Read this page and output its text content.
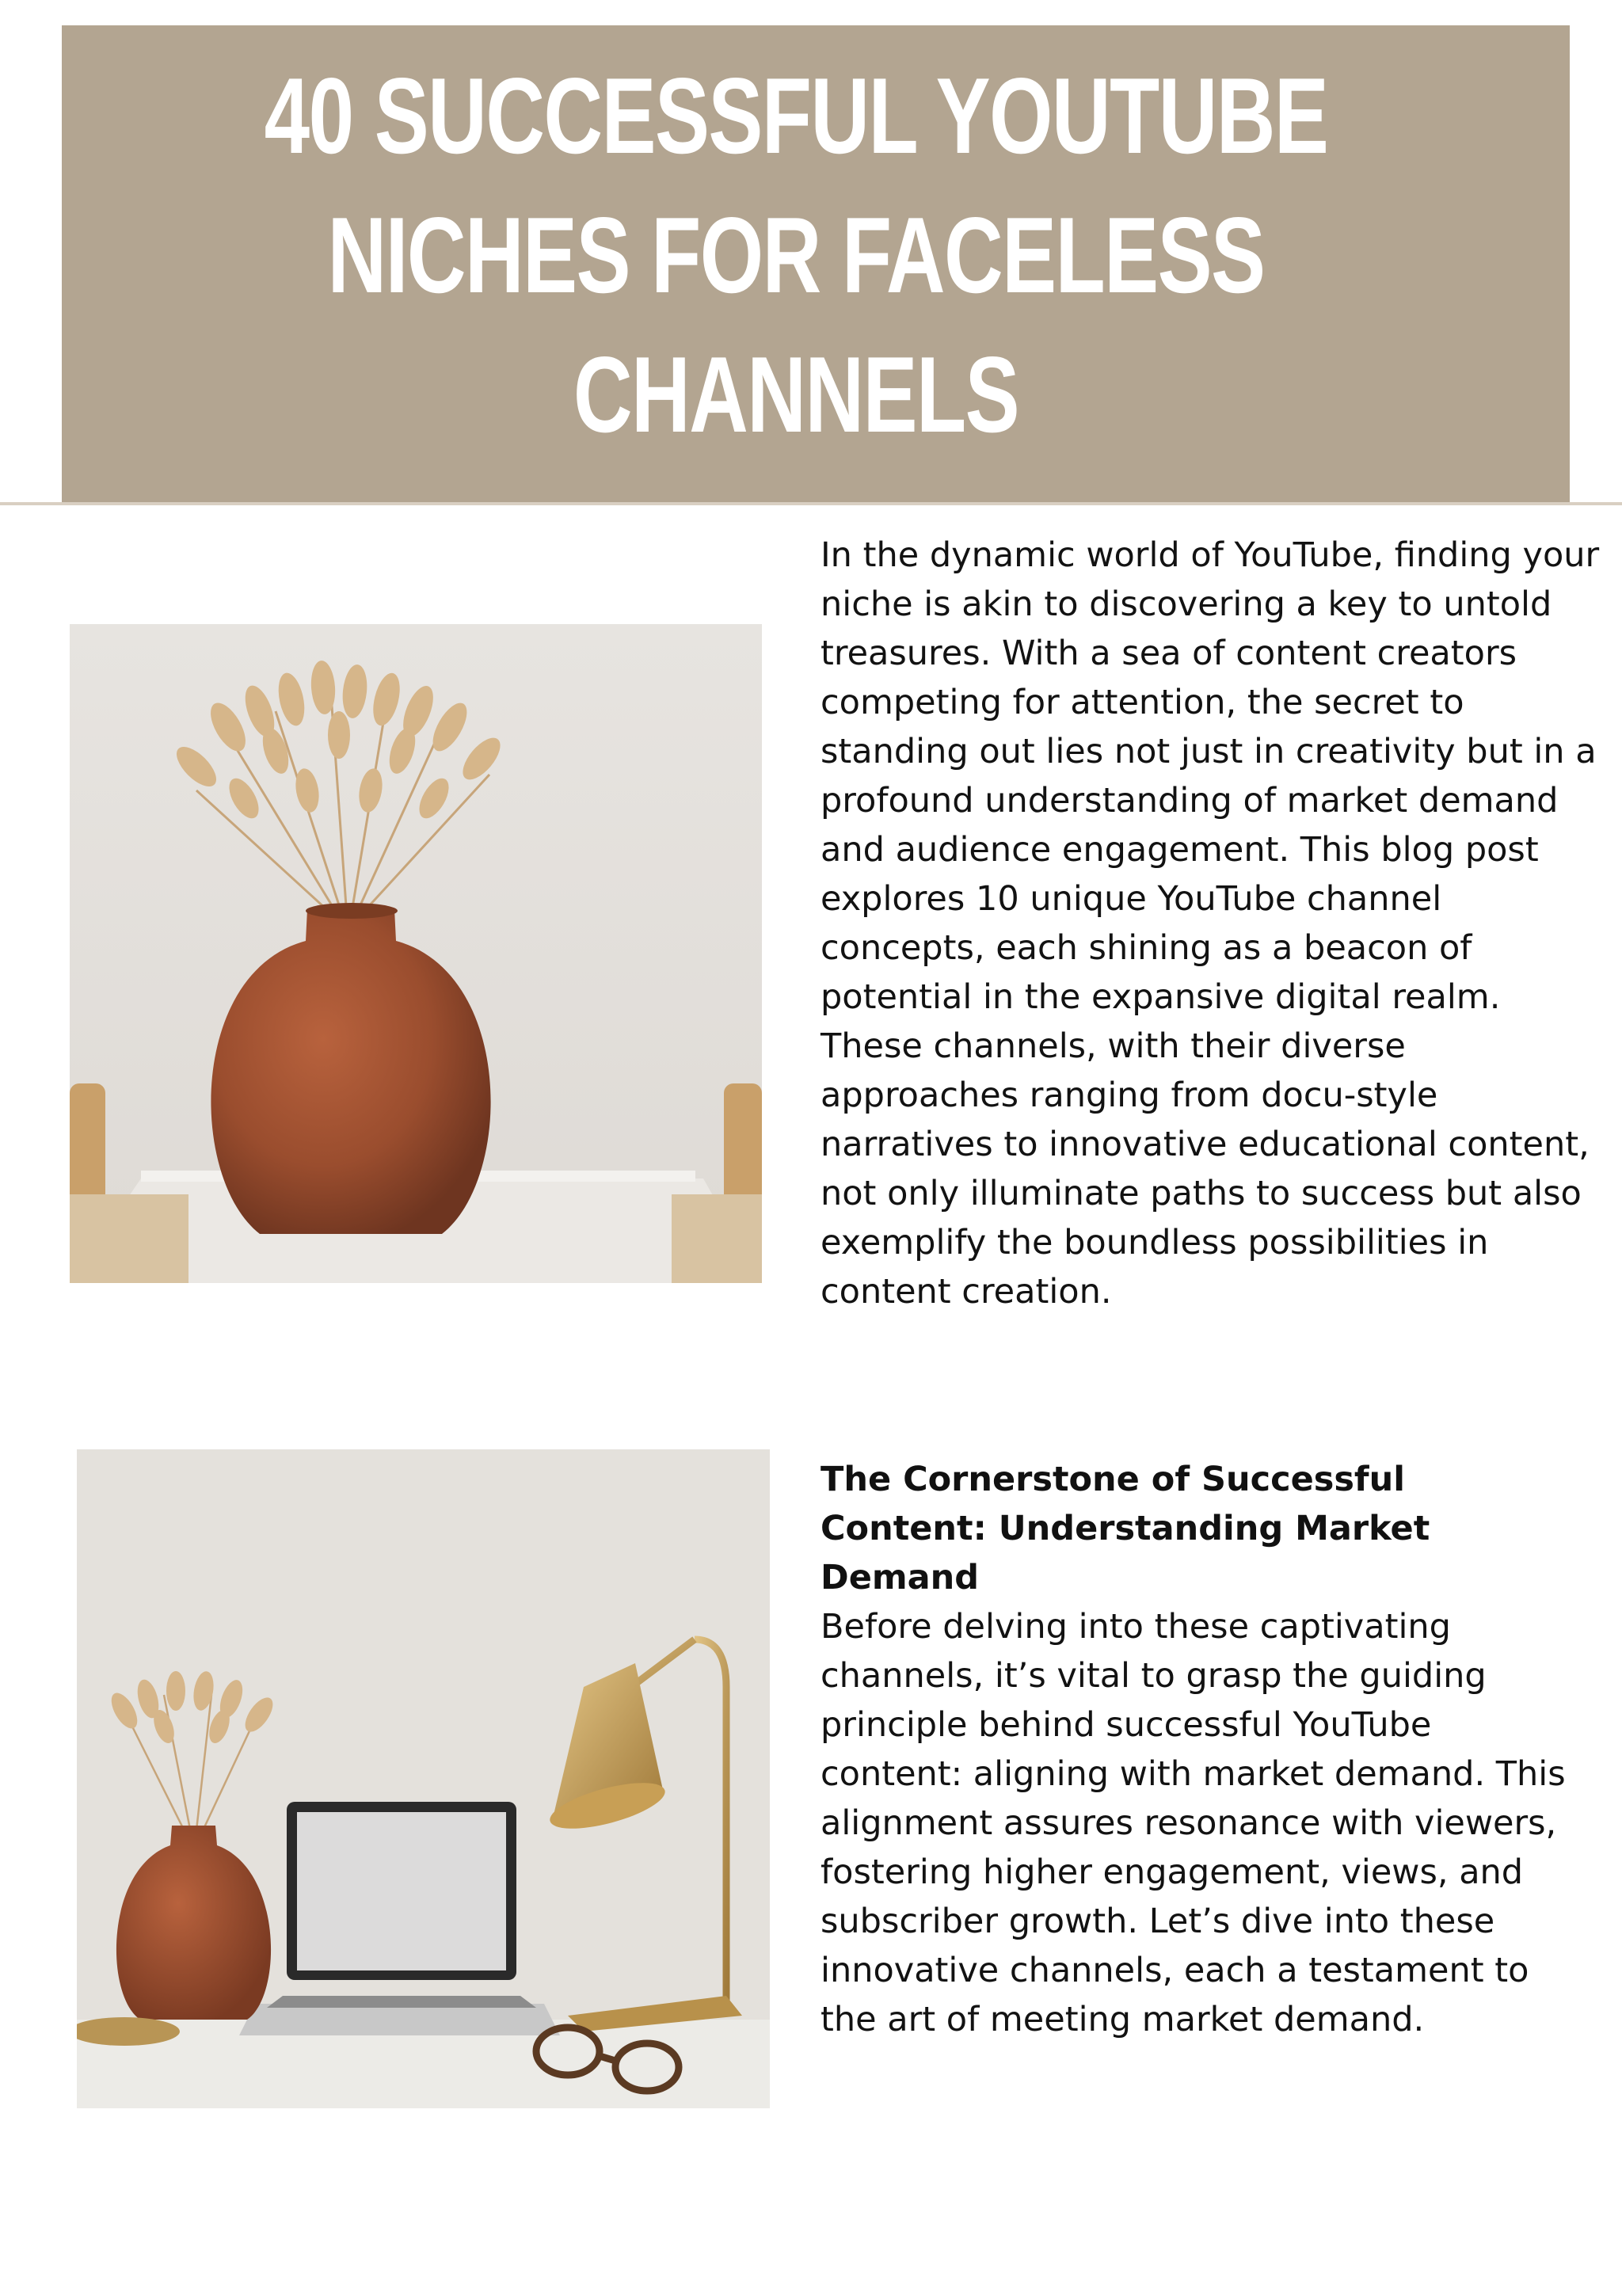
40 SUCCESSFUL YOUTUBE NICHES FOR FACELESS CHANNELS

In the dynamic world of YouTube, finding your niche is akin to discovering a key to untold treasures. With a sea of content creators competing for attention, the secret to standing out lies not just in creativity but in a profound understanding of market demand and audience engagement. This blog post explores 10 unique YouTube channel concepts, each shining as a beacon of potential in the expansive digital realm. These channels, with their diverse approaches ranging from docu-style narratives to innovative educational content, not only illuminate paths to success but also exemplify the boundless possibilities in content creation.

The Cornerstone of Successful Content: Understanding Market Demand

Before delving into these captivating channels, it’s vital to grasp the guiding principle behind successful YouTube content: aligning with market demand. This alignment assures resonance with viewers, fostering higher engagement, views, and subscriber growth. Let’s dive into these innovative channels, each a testament to the art of meeting market demand.
